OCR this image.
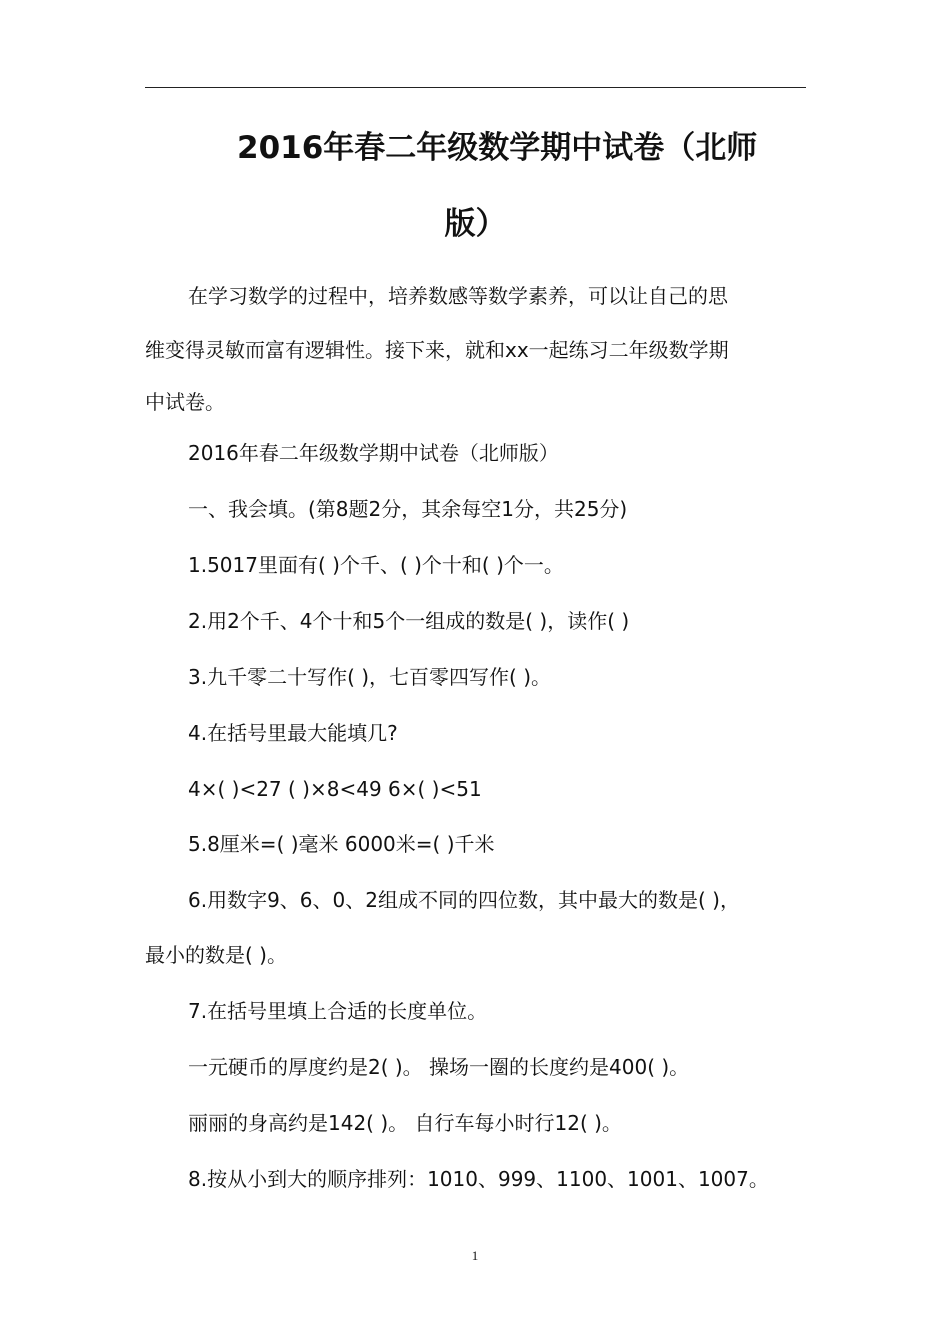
2016年春二年级数学期中试卷（北师
版）
在学习数学的过程中，培养数感等数学素养，可以让自己的思
维变得灵敏而富有逻辑性。接下来，就和xx一起练习二年级数学期
中试卷。
2016年春二年级数学期中试卷（北师版）
一、我会填。(第8题2分，其余每空1分，共25分)
1.5017里面有( )个千、( )个十和( )个一。
2.用2个千、4个十和5个一组成的数是( )，读作( )
3.九千零二十写作( )，七百零四写作( )。
4.在括号里最大能填几?
4×( )<27 ( )×8<49 6×( )<51
5.8厘米=( )毫米 6000米=( )千米
6.用数字9、6、0、2组成不同的四位数，其中最大的数是( )，
最小的数是( )。
7.在括号里填上合适的长度单位。
一元硬币的厚度约是2( )。 操场一圈的长度约是400( )。
丽丽的身高约是142( )。 自行车每小时行12( )。
8.按从小到大的顺序排列：1010、999、1100、1001、1007。
1
